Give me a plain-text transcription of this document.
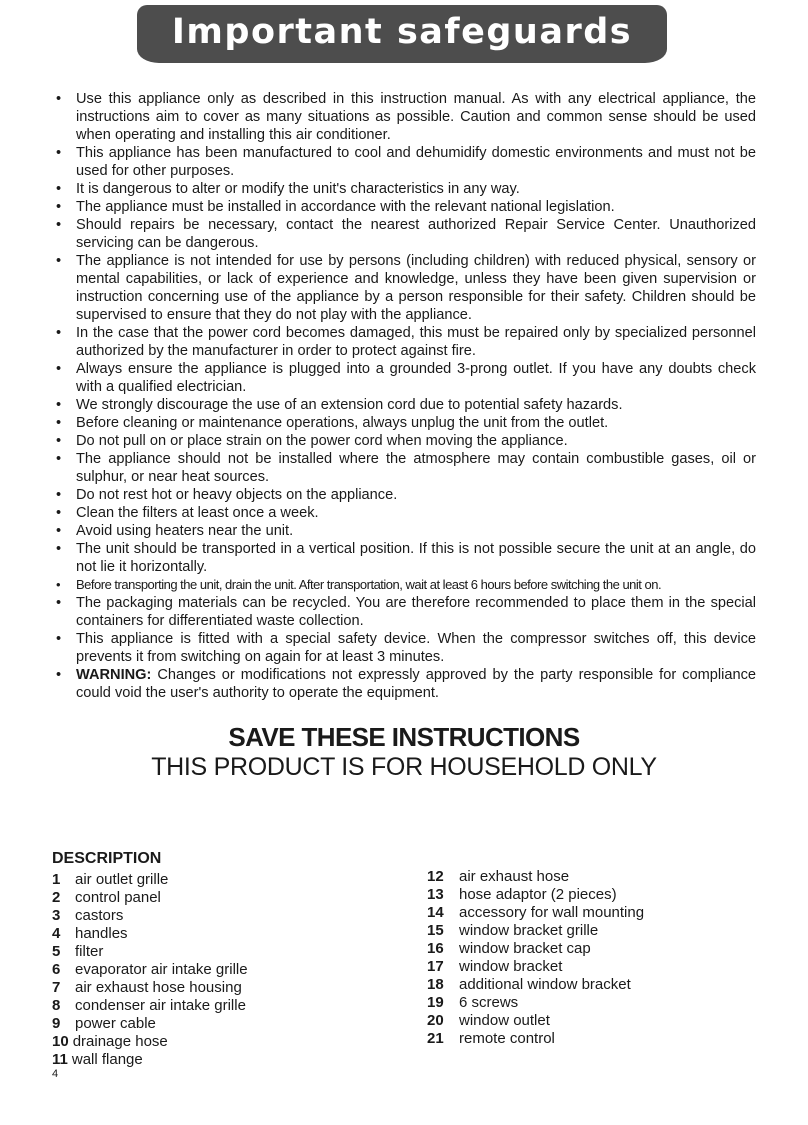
Important safeguards
•	Use this appliance only as described in this instruction manual. As with any electrical appliance, the instructions aim to cover as many situations as possible. Caution and common sense should be used when operating and installing this air conditioner.
•	This appliance has been manufactured to cool and dehumidify domestic environments and must not be used for other purposes.
•	It is dangerous to alter or modify the unit's characteristics in any way.
•	The appliance must be installed in accordance with the relevant national legislation.
•	Should repairs be necessary, contact the nearest authorized Repair Service Center. Unauthorized servicing can be dangerous.
•	The appliance is not intended for use by persons (including children) with reduced physical, sensory or mental capabilities, or lack of experience and knowledge, unless they have been given supervision or instruction concerning use of the appliance by a person responsible for their safety. Children should be supervised to ensure that they do not play with the appliance.
•	In the case that the power cord becomes damaged, this must be repaired only by specialized personnel authorized by the manufacturer in order to protect against fire.
•	Always ensure the appliance is plugged into a grounded 3-prong outlet. If you have any doubts check with a qualified electrician.
•	We strongly discourage the use of an extension cord due to potential safety hazards.
•	Before cleaning or maintenance operations, always unplug the unit from the outlet.
•	Do not pull on or place strain on the power cord when moving the appliance.
•	The appliance should not be installed where the atmosphere may contain combustible gases, oil or sulphur, or near heat sources.
•	Do not rest hot or heavy objects on the appliance.
•	Clean the filters at least once a week.
•	Avoid using heaters near the unit.
•	The unit should be transported in a vertical position. If this is not possible secure the unit at an angle, do not lie it horizontally.
•	Before transporting the unit, drain the unit. After transportation, wait at least 6 hours before switching the unit on.
•	The packaging materials can be recycled. You are therefore recommended to place them in the special containers for differentiated waste collection.
•	This appliance is fitted with a special safety device. When the compressor switches off, this device prevents it from switching on again for at least 3 minutes.
•	WARNING: Changes or modifications not expressly approved by the party responsible for compliance could void the user's authority to operate the equipment.
SAVE THESE INSTRUCTIONS
THIS PRODUCT IS FOR HOUSEHOLD ONLY
DESCRIPTION
1 air outlet grille
2 control panel
3 castors
4 handles
5 filter
6 evaporator air intake grille
7 air exhaust hose housing
8 condenser air intake grille
9 power cable
10 drainage hose
11 wall flange
12 air exhaust hose
13 hose adaptor (2 pieces)
14 accessory for wall mounting
15 window bracket grille
16 window bracket cap
17 window bracket
18 additional window bracket
19 6 screws
20 window outlet
21 remote control
4
